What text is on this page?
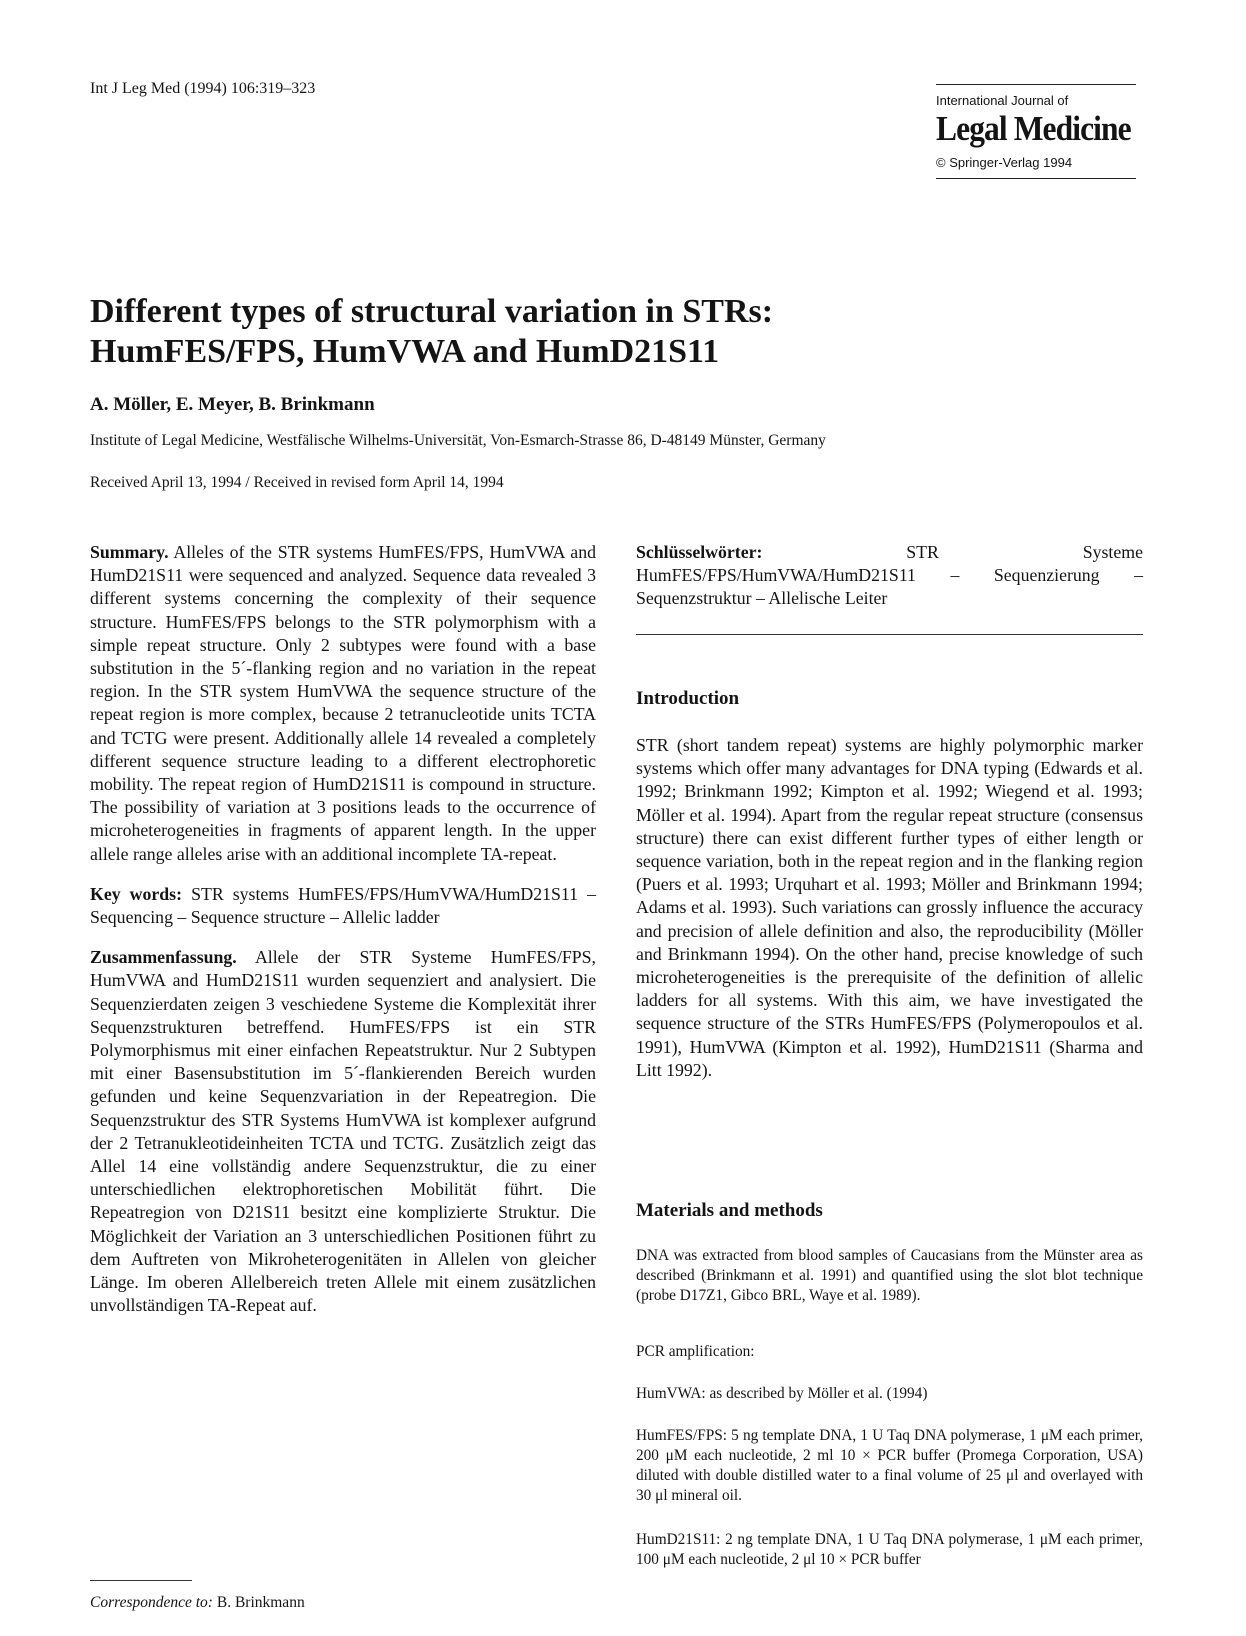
Int J Leg Med (1994) 106:319–323
International Journal of
Legal Medicine
© Springer-Verlag 1994
Different types of structural variation in STRs:
HumFES/FPS, HumVWA and HumD21S11
A. Möller, E. Meyer, B. Brinkmann
Institute of Legal Medicine, Westfälische Wilhelms-Universität, Von-Esmarch-Strasse 86, D-48149 Münster, Germany
Received April 13, 1994 / Received in revised form April 14, 1994

Summary. Alleles of the STR systems HumFES/FPS, HumVWA and HumD21S11 were sequenced and analyzed. Sequence data revealed 3 different systems concerning the complexity of their sequence structure. HumFES/FPS belongs to the STR polymorphism with a simple repeat structure. Only 2 subtypes were found with a base substitution in the 5´-flanking region and no variation in the repeat region. In the STR system HumVWA the sequence structure of the repeat region is more complex, because 2 tetranucleotide units TCTA and TCTG were present. Additionally allele 14 revealed a completely different sequence structure leading to a different electrophoretic mobility. The repeat region of HumD21S11 is compound in structure. The possibility of variation at 3 positions leads to the occurrence of microheterogeneities in fragments of apparent length. In the upper allele range alleles arise with an additional incomplete TA-repeat.

Key words: STR systems HumFES/FPS/HumVWA/HumD21S11 – Sequencing – Sequence structure – Allelic ladder

Zusammenfassung. Allele der STR Systeme HumFES/FPS, HumVWA and HumD21S11 wurden sequenziert and analysiert. Die Sequenzierdaten zeigen 3 veschiedene Systeme die Komplexität ihrer Sequenzstrukturen betreffend. HumFES/FPS ist ein STR Polymorphismus mit einer einfachen Repeatstruktur. Nur 2 Subtypen mit einer Basensubstitution im 5´-flankierenden Bereich wurden gefunden und keine Sequenzvariation in der Repeatregion. Die Sequenzstruktur des STR Systems HumVWA ist komplexer aufgrund der 2 Tetranukleotideinheiten TCTA und TCTG. Zusätzlich zeigt das Allel 14 eine vollständig andere Sequenzstruktur, die zu einer unterschiedlichen elektrophoretischen Mobilität führt. Die Repeatregion von D21S11 besitzt eine komplizierte Struktur. Die Möglichkeit der Variation an 3 unterschiedlichen Positionen führt zu dem Auftreten von Mikroheterogenitäten in Allelen von gleicher Länge. Im oberen Allelbereich treten Allele mit einem zusätzlichen unvollständigen TA-Repeat auf.

Correspondence to: B. Brinkmann
Schlüsselwörter: STR Systeme HumFES/FPS/HumVWA/HumD21S11 – Sequenzierung – Sequenzstruktur – Allelische Leiter
Introduction
STR (short tandem repeat) systems are highly polymorphic marker systems which offer many advantages for DNA typing (Edwards et al. 1992; Brinkmann 1992; Kimpton et al. 1992; Wiegend et al. 1993; Möller et al. 1994). Apart from the regular repeat structure (consensus structure) there can exist different further types of either length or sequence variation, both in the repeat region and in the flanking region (Puers et al. 1993; Urquhart et al. 1993; Möller and Brinkmann 1994; Adams et al. 1993). Such variations can grossly influence the accuracy and precision of allele definition and also, the reproducibility (Möller and Brinkmann 1994). On the other hand, precise knowledge of such microheterogeneities is the prerequisite of the definition of allelic ladders for all systems. With this aim, we have investigated the sequence structure of the STRs HumFES/FPS (Polymeropoulos et al. 1991), HumVWA (Kimpton et al. 1992), HumD21S11 (Sharma and Litt 1992).
Materials and methods
DNA was extracted from blood samples of Caucasians from the Münster area as described (Brinkmann et al. 1991) and quantified using the slot blot technique (probe D17Z1, Gibco BRL, Waye et al. 1989).
PCR amplification:
HumVWA: as described by Möller et al. (1994)
HumFES/FPS: 5 ng template DNA, 1 U Taq DNA polymerase, 1 μM each primer, 200 μM each nucleotide, 2 ml 10 × PCR buffer (Promega Corporation, USA) diluted with double distilled water to a final volume of 25 μl and overlayed with 30 μl mineral oil.
HumD21S11: 2 ng template DNA, 1 U Taq DNA polymerase, 1 μM each primer, 100 μM each nucleotide, 2 μl 10 × PCR buffer
